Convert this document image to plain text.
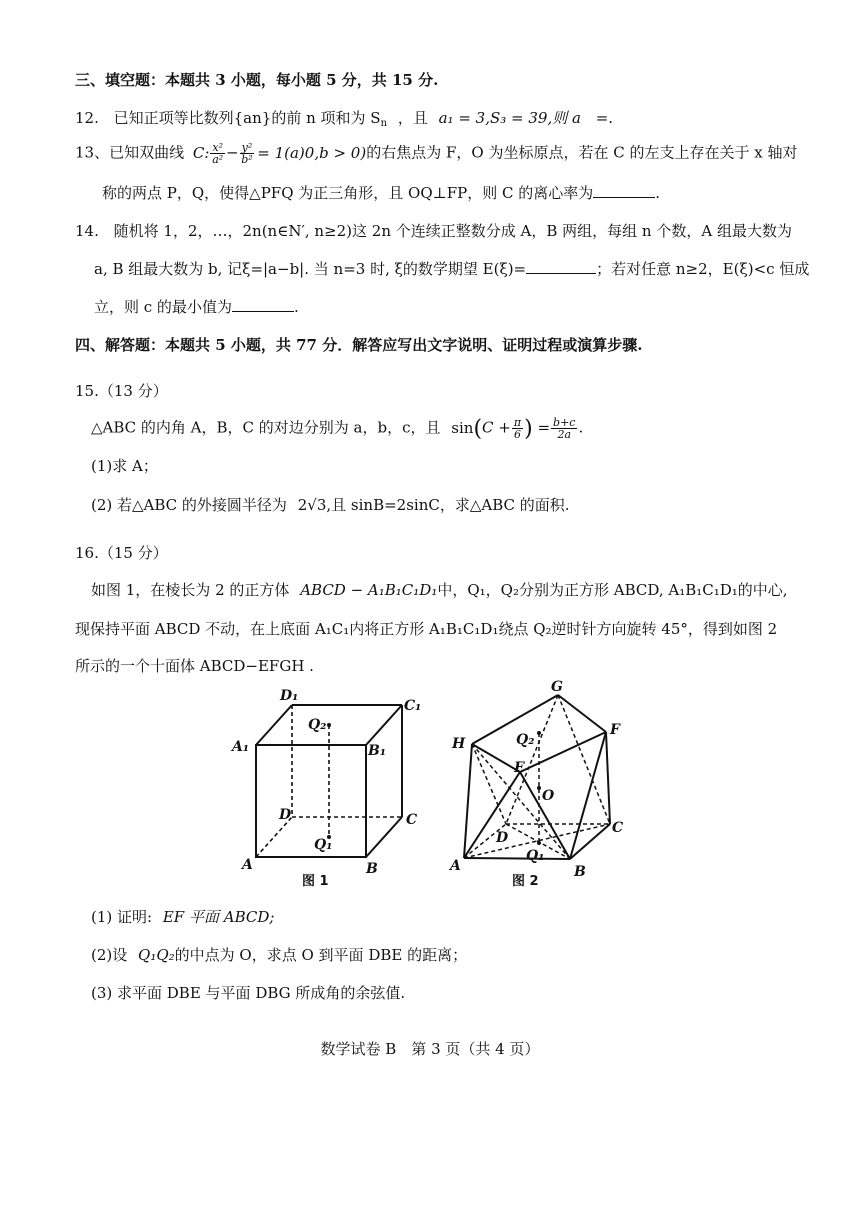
三、填空题：本题共 3 小题，每小题 5 分，共 15 分.
12. 已知正项等比数列{an}的前 n 项和为 $S_n$ ，且 a₁ = 3,S₃ = 39,则 a =.
13、已知双曲线 C: $\frac{\text{x²}}{\text{a²}} - \frac{\text{y²}}{\text{b²}} = 1(a)0,b > 0$)的右焦点为 F，O 为坐标原点，若在 C 的左支上存在关于 x 轴对
称的两点 P，Q，使得△PFQ 为正三角形，且 OQ⊥FP，则 C 的离心率为	.
14. 随机将 1，2，…，2n(n∈N′, n≥2)这 2n 个连续正整数分成 A，B 两组，每组 n 个数，A 组最大数为
a, B 组最大数为 b, 记ξ=|a−b|. 当 n=3 时, ξ的数学期望 E(ξ)=	；若对任意 n≥2，E(ξ)<c 恒成
立，则 c 的最小值为	.
四、解答题：本题共 5 小题，共 77 分．解答应写出文字说明、证明过程或演算步骤.
15.（13 分）
△ABC 的内角 A，B，C 的对边分别为 a，b，c，且 $\sin(C + \frac{\pi}{6}$ ) = $\frac{b+c}{2a}$ .
(1)求 A；
(2) 若△ABC 的外接圆半径为 2√3,且 sinB=2sinC，求△ABC 的面积.
16.（15 分）
如图 1，在棱长为 2 的正方体 ABCD − A₁B₁C₁D₁中，Q₁，Q₂分别为正方形 ABCD, A₁B₁C₁D₁的中心,
现保持平面 ABCD 不动，在上底面 A₁C₁内将正方形 A₁B₁C₁D₁绕点 Q₂逆时针方向旋转 45°，得到如图 2
所示的一个十面体 ABCD−EFGH .
D₁
C₁
A₁	B₁
Q₂
D	C
Q₁
A	B
图 1
G
H
F
Q₂
E
O
D
C
Q₁
A	B
图 2
(1) 证明: EF 平面 ABCD;
(2)设 Q₁Q₂的中点为 O，求点 O 到平面 DBE 的距离；
(3) 求平面 DBE 与平面 DBG 所成角的余弦值.
数学试卷 B　第 3 页（共 4 页）
